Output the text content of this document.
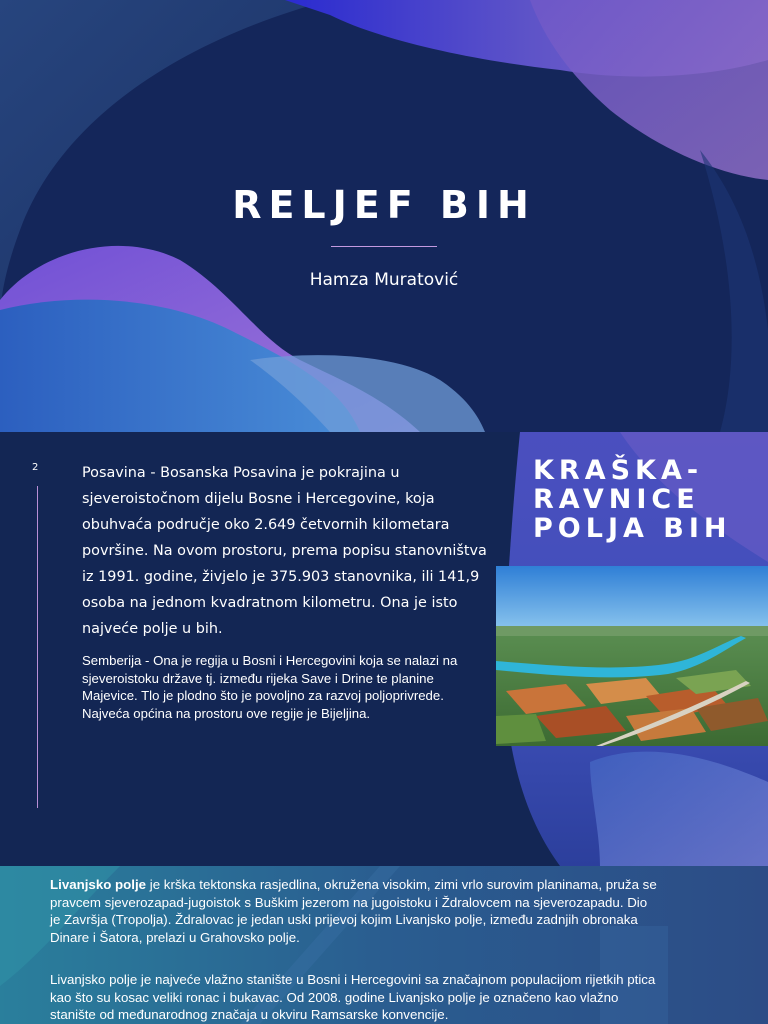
RELJEF BIH
Hamza Muratović
2	Posavina - Bosanska Posavina je pokrajina u sjeveroistočnom dijelu Bosne i Hercegovine, koja obuhvaća područje oko 2.649 četvornih kilometara površine. Na ovom prostoru, prema popisu stanovništva iz 1991. godine, živjelo je 375.903 stanovnika, ili 141,9 osoba na jednom kvadratnom kilometru. Ona je isto najveće polje u bih.
Semberija - Ona je regija u Bosni i Hercegovini koja se nalazi na sjeveroistoku države tj. između rijeka Save i Drine te planine Majevice. Tlo je plodno što je povoljno za razvoj poljoprivrede. Najveća općina na prostoru ove regije je Bijeljina.
KRAŠKA-RAVNICE POLJA BIH
Livanjsko polje je krška tektonska rasjedlina, okružena visokim, zimi vrlo surovim planinama, pruža se pravcem sjeverozapad-jugoistok s Buškim jezerom na jugoistoku i Ždralovcem na sjeverozapadu. Dio je Završja (Tropolja). Ždralovac je jedan uski prijevoj kojim Livanjsko polje, između zadnjih obronaka Dinare i Šatora, prelazi u Grahovsko polje.
Livanjsko polje je najveće vlažno stanište u Bosni i Hercegovini sa značajnom populacijom rijetkih ptica kao što su kosac veliki ronac i bukavac. Od 2008. godine Livanjsko polje je označeno kao vlažno stanište od međunarodnog značaja u okviru Ramsarske konvencije.
